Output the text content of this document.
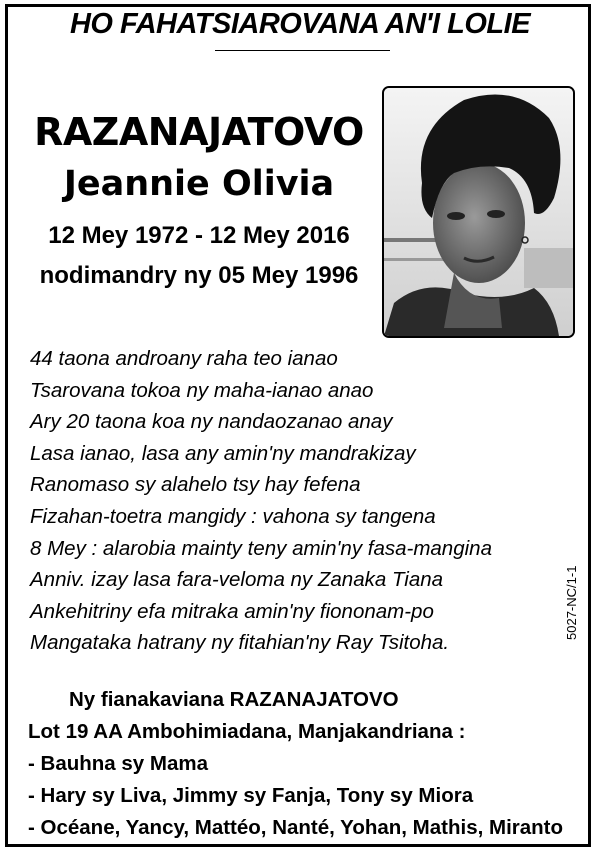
HO FAHATSIAROVANA AN'I LOLIE
RAZANAJATOVO
Jeannie Olivia
12 Mey 1972 - 12 Mey 2016
nodimandry ny 05 Mey 1996
44 taona androany raha teo ianao
Tsarovana tokoa ny maha-ianao anao
Ary 20 taona koa ny nandaozanao anay
Lasa ianao, lasa any amin'ny mandrakizay
Ranomaso sy alahelo tsy hay fefena
Fizahan-toetra mangidy : vahona sy tangena
8 Mey : alarobia mainty teny amin'ny fasa-mangina
Anniv. izay lasa fara-veloma ny Zanaka Tiana
Ankehitriny efa mitraka amin'ny fiononam-po
Mangataka hatrany ny fitahian'ny Ray Tsitoha.
5027-NC/1-1
Ny fianakaviana RAZANAJATOVO
Lot 19 AA Ambohimiadana, Manjakandriana :
- Bauhna sy Mama
- Hary sy Liva, Jimmy sy Fanja, Tony sy Miora
- Océane, Yancy, Mattéo, Nanté, Yohan, Mathis, Miranto
